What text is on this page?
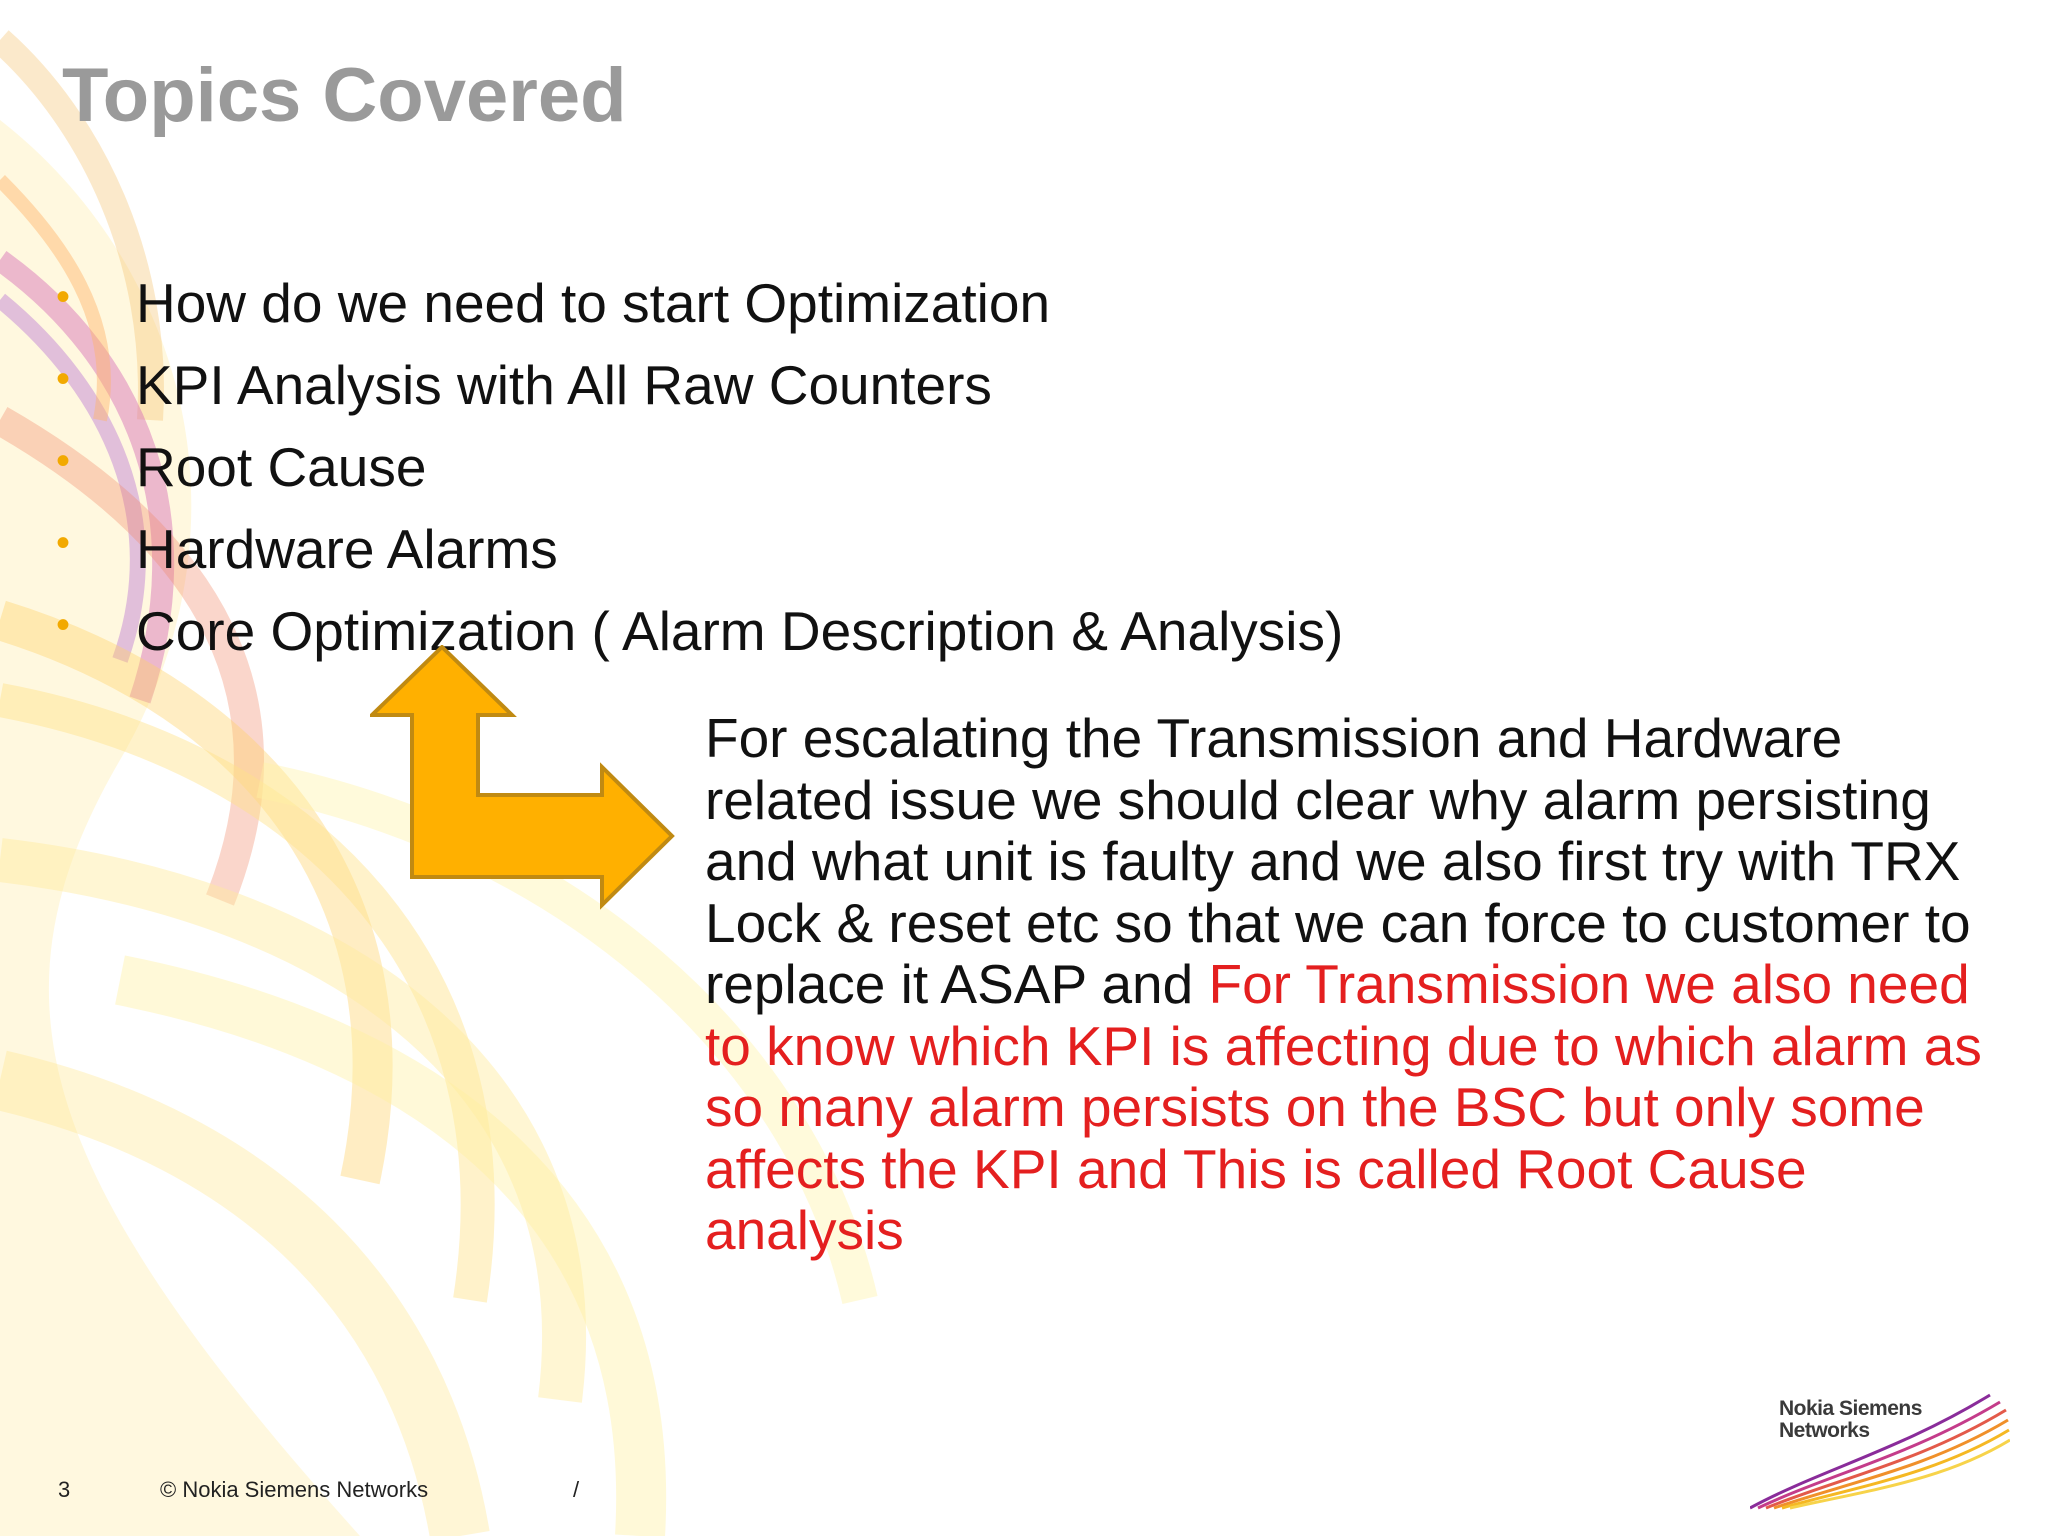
Topics Covered
• How do we need to start Optimization
• KPI Analysis with All Raw Counters
• Root Cause
• Hardware Alarms
• Core Optimization ( Alarm Description & Analysis)
For escalating the Transmission and Hardware related issue we should clear why alarm persisting and what unit is faulty and we also first try with TRX Lock & reset etc so that we can force to customer to replace it ASAP and For Transmission we also need to know which KPI is affecting due to which alarm as so many alarm persists on the BSC but only some affects the KPI and This is called Root Cause analysis
3	© Nokia Siemens Networks	/
Nokia Siemens
Networks
